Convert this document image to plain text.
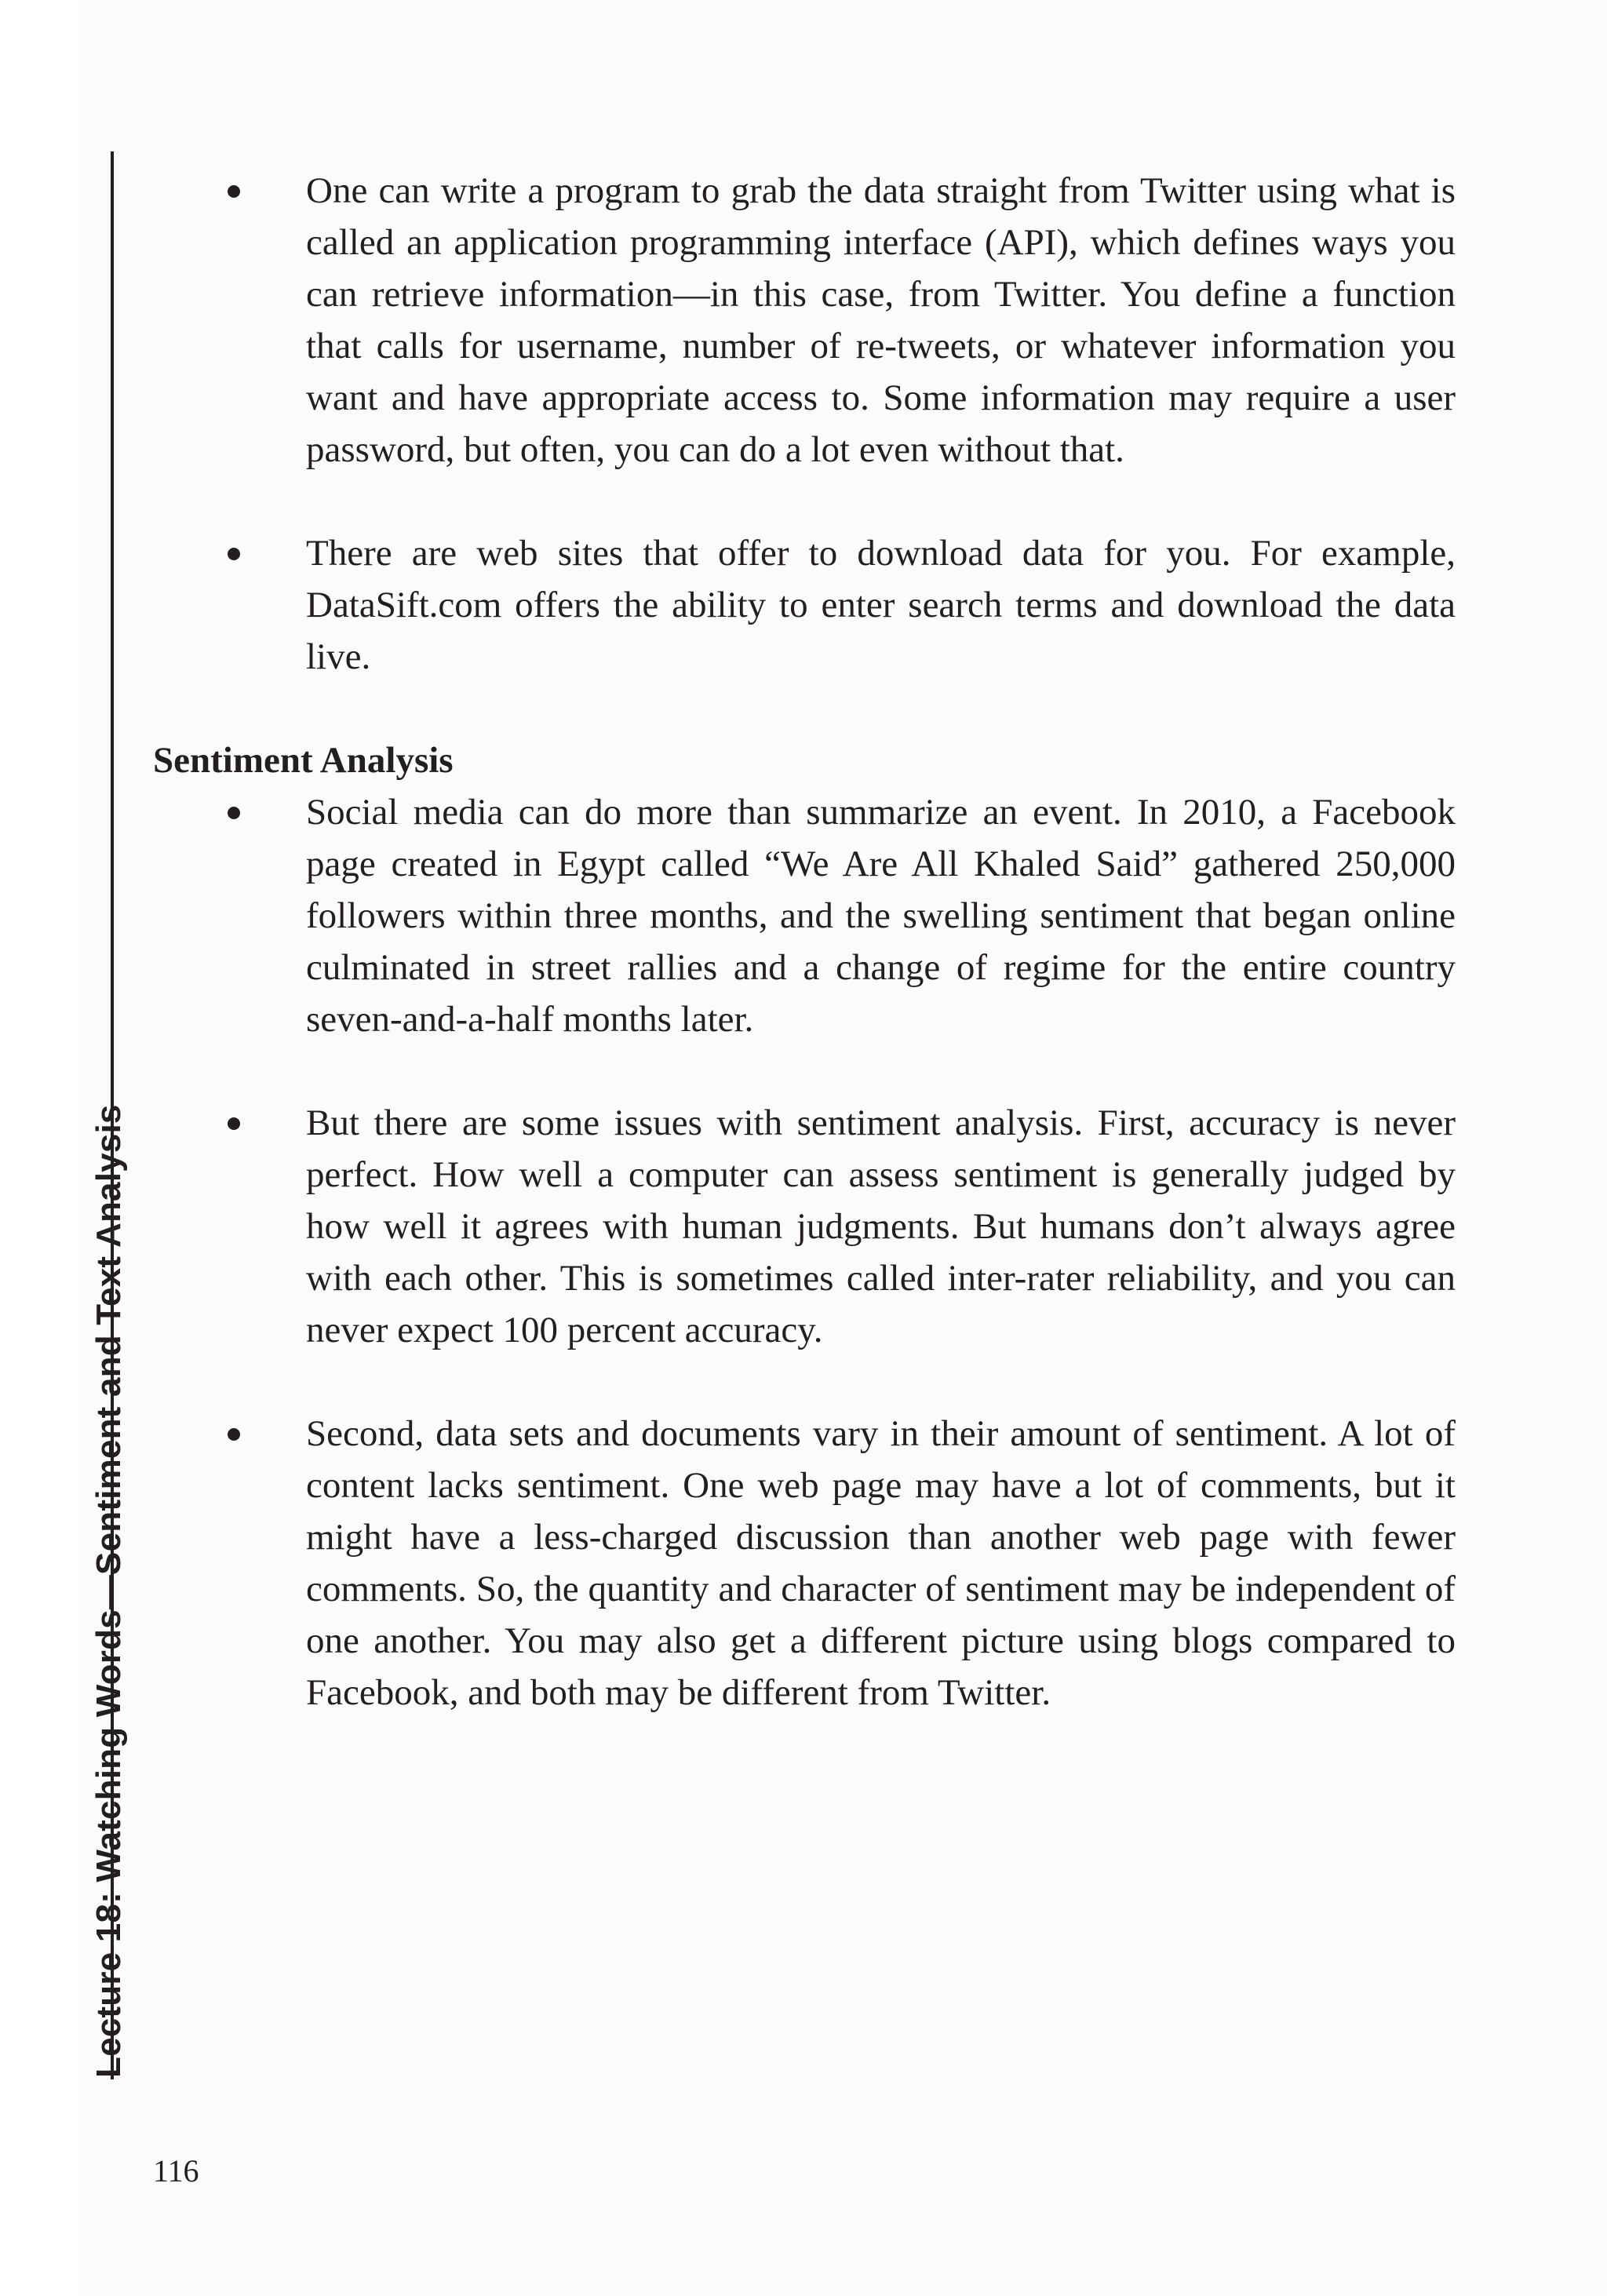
Lecture 18: Watching Words—Sentiment and Text Analysis
One can write a program to grab the data straight from Twitter using what is called an application programming interface (API), which defines ways you can retrieve information—in this case, from Twitter. You define a function that calls for username, number of re-tweets, or whatever information you want and have appropriate access to. Some information may require a user password, but often, you can do a lot even without that.
There are web sites that offer to download data for you. For example, DataSift.com offers the ability to enter search terms and download the data live.
Sentiment Analysis
Social media can do more than summarize an event. In 2010, a Facebook page created in Egypt called “We Are All Khaled Said” gathered 250,000 followers within three months, and the swelling sentiment that began online culminated in street rallies and a change of regime for the entire country seven-and-a-half months later.
But there are some issues with sentiment analysis. First, accuracy is never perfect. How well a computer can assess sentiment is generally judged by how well it agrees with human judgments. But humans don’t always agree with each other. This is sometimes called inter-rater reliability, and you can never expect 100 percent accuracy.
Second, data sets and documents vary in their amount of sentiment. A lot of content lacks sentiment. One web page may have a lot of comments, but it might have a less-charged discussion than another web page with fewer comments. So, the quantity and character of sentiment may be independent of one another. You may also get a different picture using blogs compared to Facebook, and both may be different from Twitter.
116
